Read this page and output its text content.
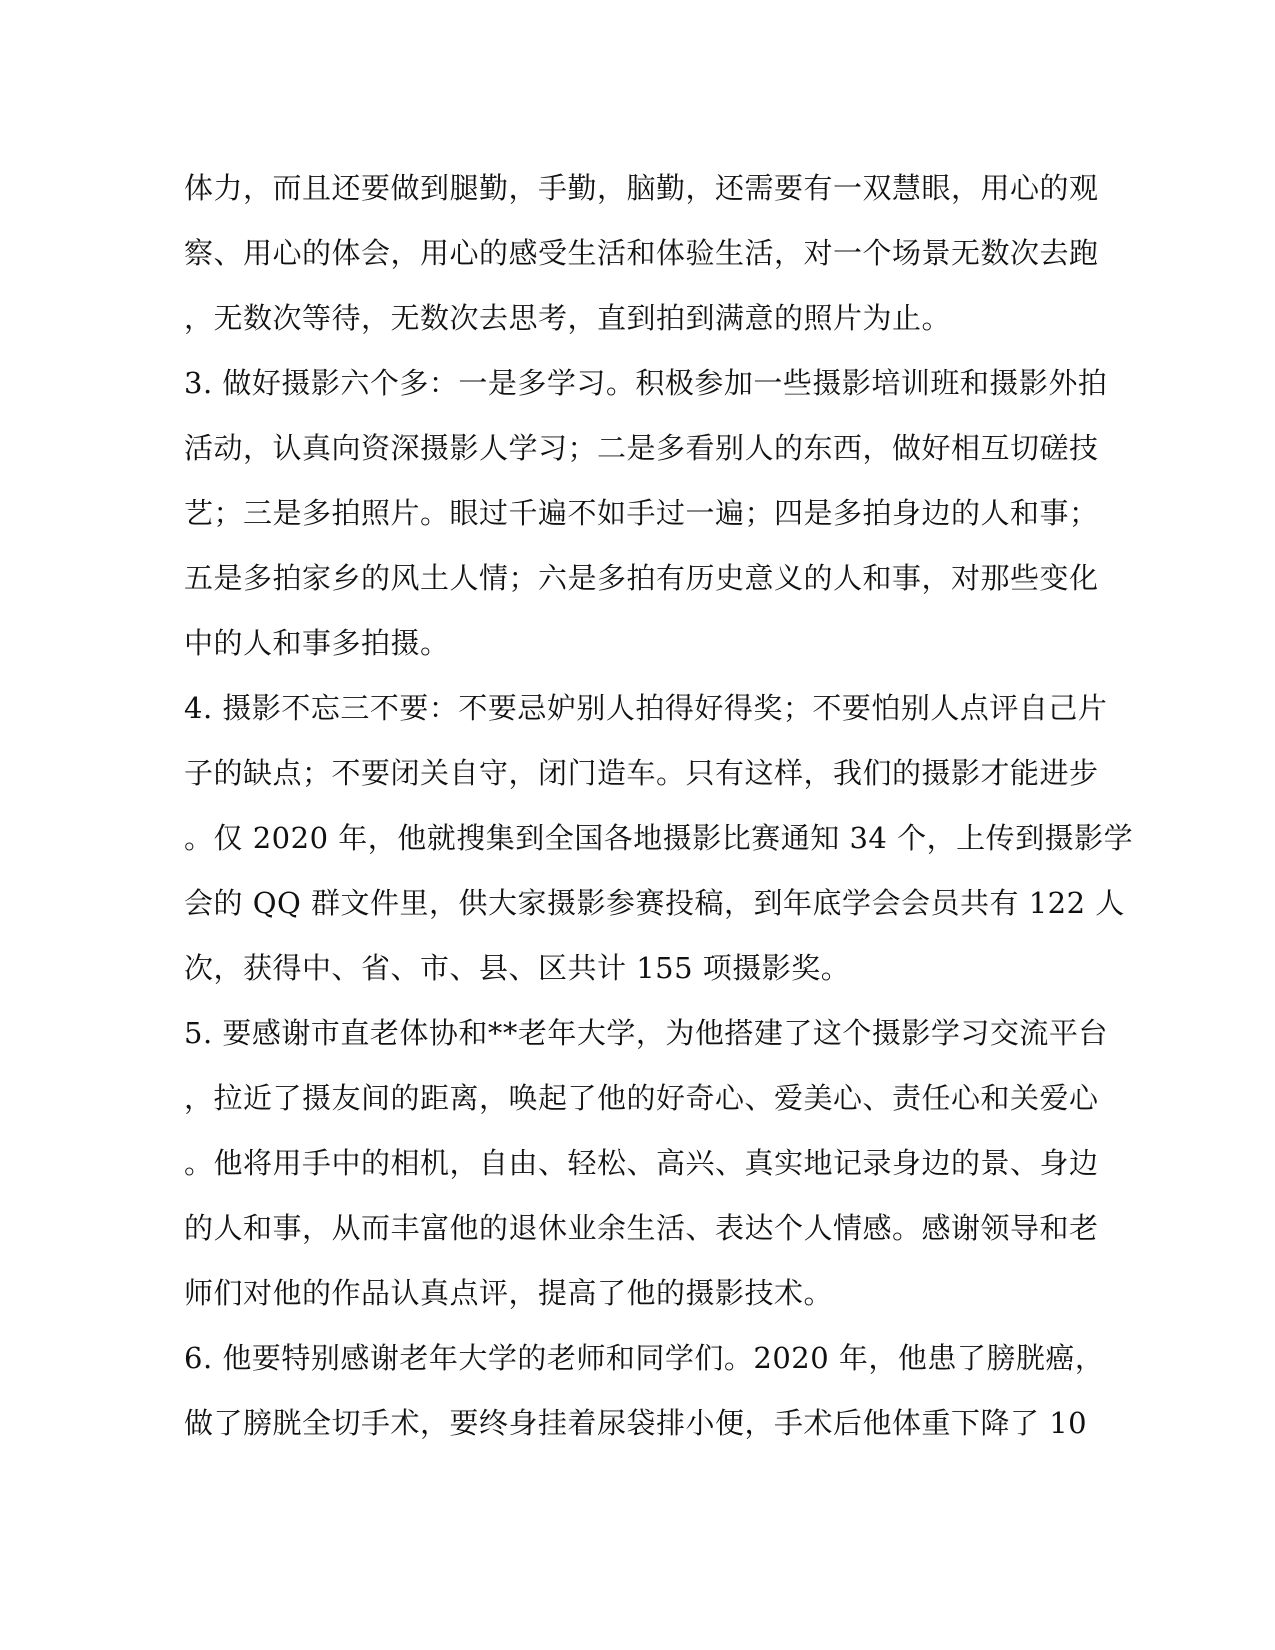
体力，而且还要做到腿勤，手勤，脑勤，还需要有一双慧眼，用心的观
察、用心的体会，用心的感受生活和体验生活，对一个场景无数次去跑
，无数次等待，无数次去思考，直到拍到满意的照片为止。
3. 做好摄影六个多：一是多学习。积极参加一些摄影培训班和摄影外拍
活动，认真向资深摄影人学习；二是多看别人的东西，做好相互切磋技
艺；三是多拍照片。眼过千遍不如手过一遍；四是多拍身边的人和事；
五是多拍家乡的风土人情；六是多拍有历史意义的人和事，对那些变化
中的人和事多拍摄。
4. 摄影不忘三不要：不要忌妒别人拍得好得奖；不要怕别人点评自己片
子的缺点；不要闭关自守，闭门造车。只有这样，我们的摄影才能进步
。仅 2020 年，他就搜集到全国各地摄影比赛通知 34 个，上传到摄影学
会的 QQ 群文件里，供大家摄影参赛投稿，到年底学会会员共有 122 人
次，获得中、省、市、县、区共计 155 项摄影奖。
5. 要感谢市直老体协和**老年大学，为他搭建了这个摄影学习交流平台
，拉近了摄友间的距离，唤起了他的好奇心、爱美心、责任心和关爱心
。他将用手中的相机，自由、轻松、高兴、真实地记录身边的景、身边
的人和事，从而丰富他的退休业余生活、表达个人情感。感谢领导和老
师们对他的作品认真点评，提高了他的摄影技术。
6. 他要特别感谢老年大学的老师和同学们。2020 年，他患了膀胱癌，
做了膀胱全切手术，要终身挂着尿袋排小便，手术后他体重下降了 10
